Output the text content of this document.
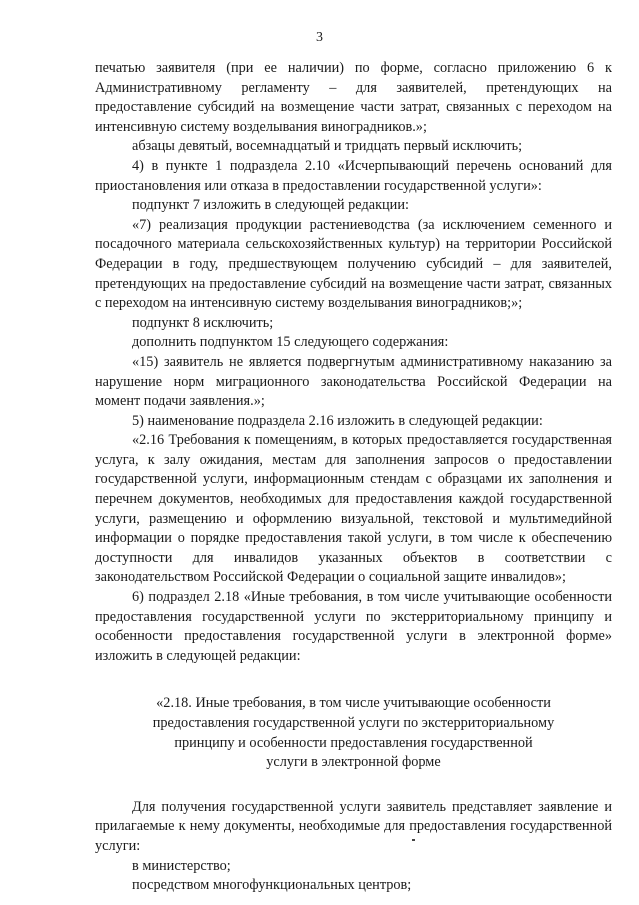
3

печатью заявителя (при ее наличии) по форме, согласно приложению 6 к Административному регламенту – для заявителей, претендующих на предоставление субсидий на возмещение части затрат, связанных с переходом на интенсивную систему возделывания виноградников.»;

абзацы девятый, восемнадцатый и тридцать первый исключить;

4) в пункте 1 подраздела 2.10 «Исчерпывающий перечень оснований для приостановления или отказа в предоставлении государственной услуги»:

подпункт 7 изложить в следующей редакции:

«7) реализация продукции растениеводства (за исключением семенного и посадочного материала сельскохозяйственных культур) на территории Российской Федерации в году, предшествующем получению субсидий – для заявителей, претендующих на предоставление субсидий на возмещение части затрат, связанных с переходом на интенсивную систему возделывания виноградников;»;

подпункт 8 исключить;

дополнить подпунктом 15 следующего содержания:

«15) заявитель не является подвергнутым административному наказанию за нарушение норм миграционного законодательства Российской Федерации на момент подачи заявления.»;

5) наименование подраздела 2.16 изложить в следующей редакции:

«2.16 Требования к помещениям, в которых предоставляется государственная услуга, к залу ожидания, местам для заполнения запросов о предоставлении государственной услуги, информационным стендам с образцами их заполнения и перечнем документов, необходимых для предоставления каждой государственной услуги, размещению и оформлению визуальной, текстовой и мультимедийной информации о порядке предоставления такой услуги, в том числе к обеспечению доступности для инвалидов указанных объектов в соответствии с законодательством Российской Федерации о социальной защите инвалидов»;

6) подраздел 2.18 «Иные требования, в том числе учитывающие особенности предоставления государственной услуги по экстерриториальному принципу и особенности предоставления государственной услуги в электронной форме» изложить в следующей редакции:

«2.18. Иные требования, в том числе учитывающие особенности
предоставления государственной услуги по экстерриториальному
принципу и особенности предоставления государственной
услуги в электронной форме

Для получения государственной услуги заявитель представляет заявление и прилагаемые к нему документы, необходимые для предоставления государственной услуги:

в министерство;

посредством многофункциональных центров;
